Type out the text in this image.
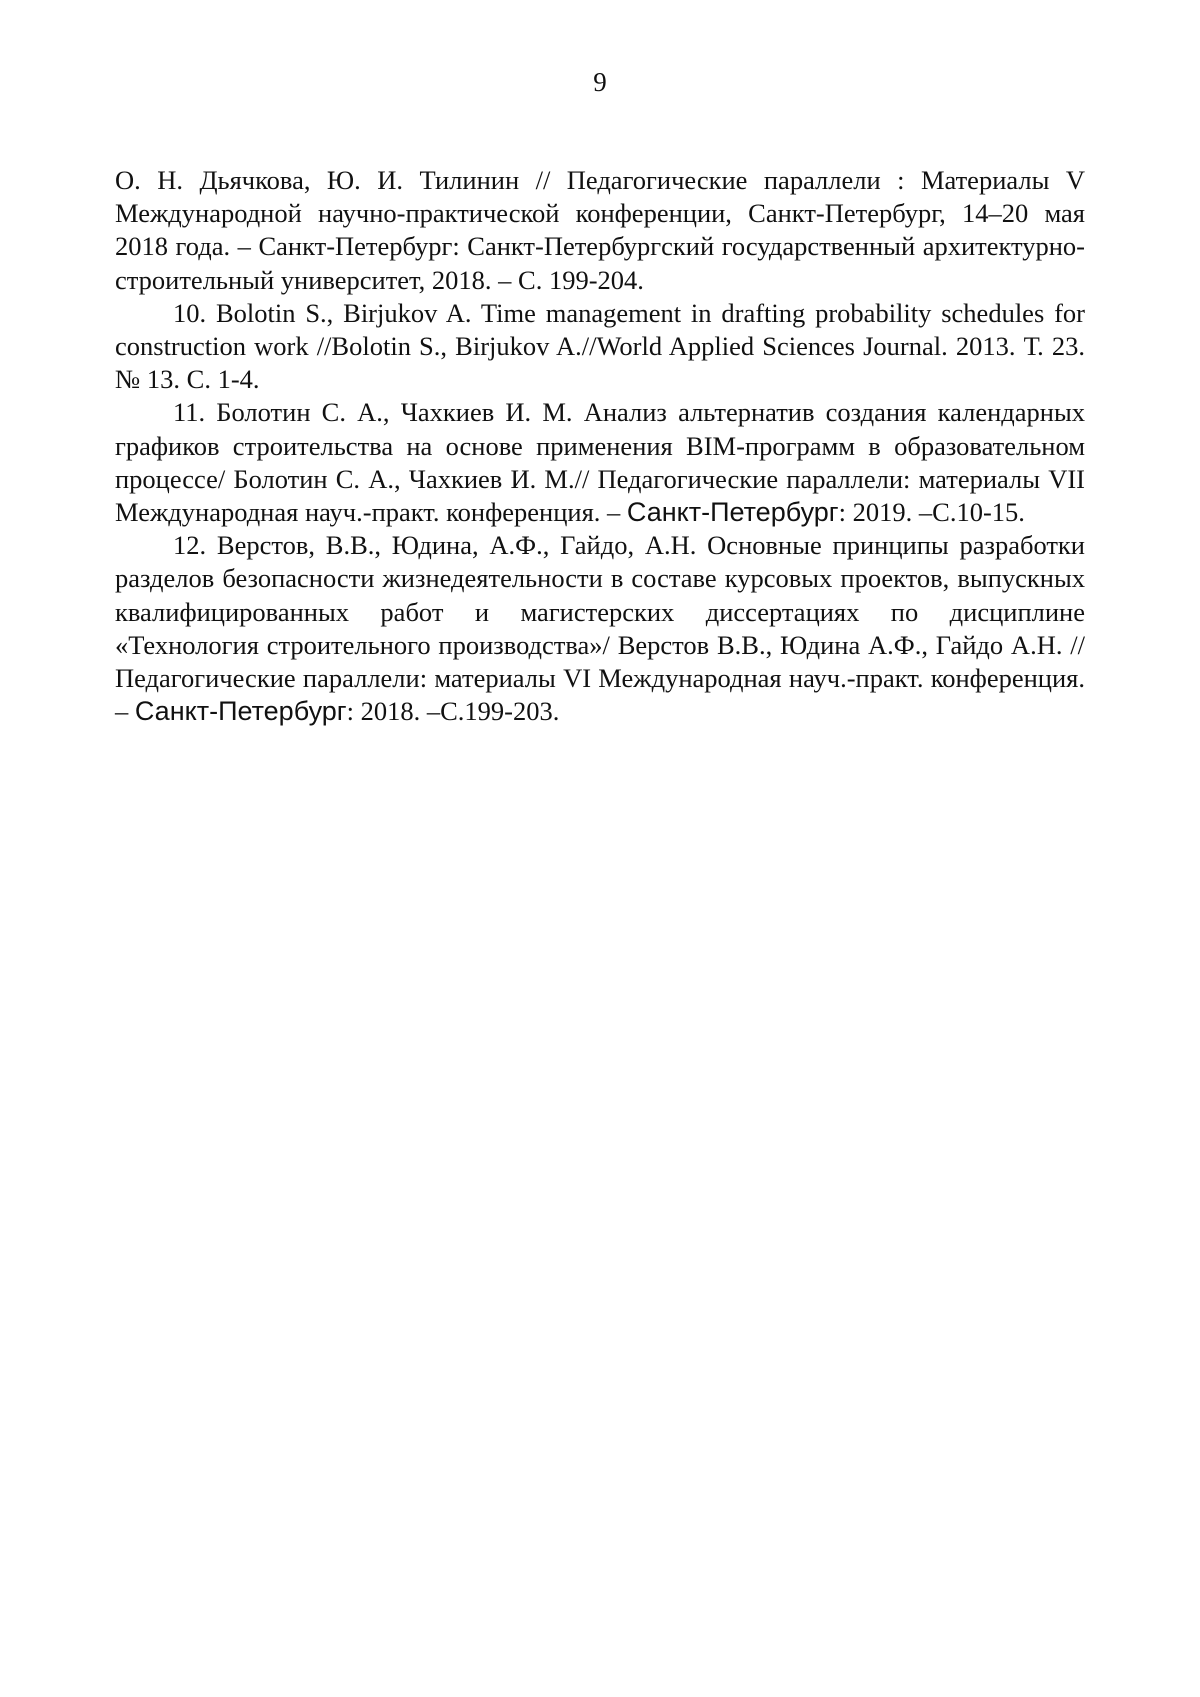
9

О. Н. Дьячкова, Ю. И. Тилинин // Педагогические параллели : Материалы V Международной научно-практической конференции, Санкт-Петербург, 14–20 мая 2018 года. – Санкт-Петербург: Санкт-Петербургский государственный архитектурно-строительный университет, 2018. – С. 199-204.

10. Bolotin S., Birjukov A. Time management in drafting probability schedules for construction work //Bolotin S., Birjukov A.//World Applied Sciences Journal. 2013. Т. 23. № 13. С. 1-4.

11. Болотин С. А., Чахкиев И. М. Анализ альтернатив создания календарных графиков строительства на основе применения BIM-программ в образовательном процессе/ Болотин С. А., Чахкиев И. М.// Педагогические параллели: материалы VII Международная науч.-практ. конференция. – Санкт-Петербург: 2019. –С.10-15.

12. Верстов, В.В., Юдина, А.Ф., Гайдо, А.Н. Основные принципы разработки разделов безопасности жизнедеятельности в составе курсовых проектов, выпускных квалифицированных работ и магистерских диссертациях по дисциплине «Технология строительного производства»/ Верстов В.В., Юдина А.Ф., Гайдо А.Н. // Педагогические параллели: материалы VI Международная науч.-практ. конференция. – Санкт-Петербург: 2018. –С.199-203.
